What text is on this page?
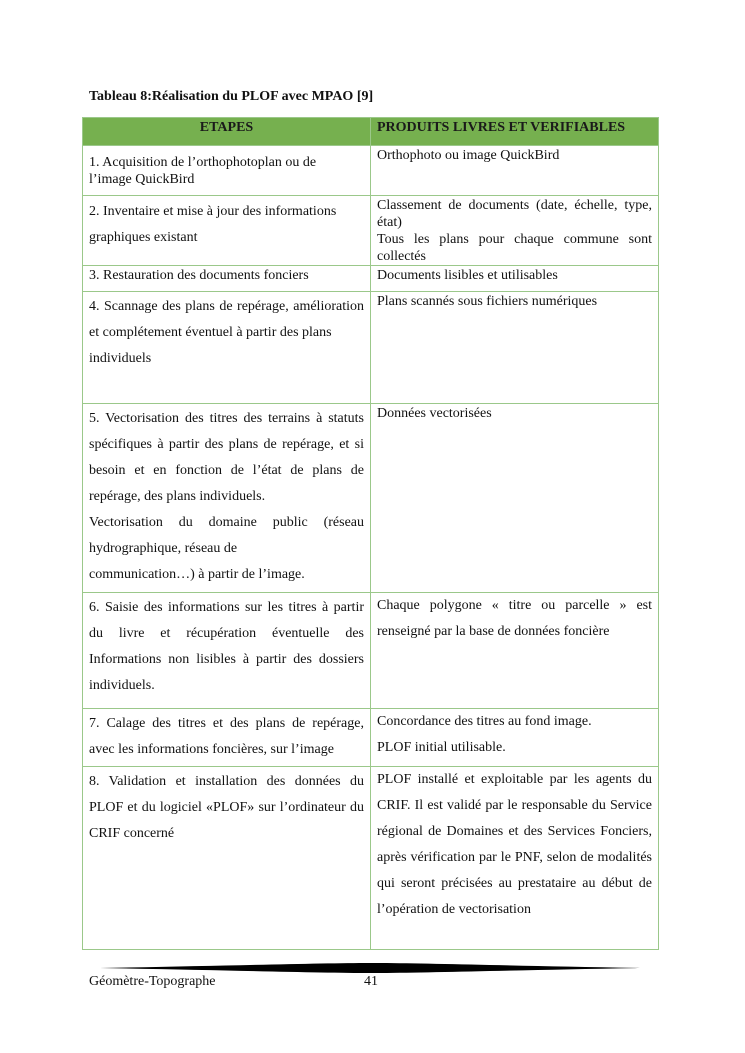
Tableau 8:Réalisation du PLOF avec MPAO [9]
ETAPES	PRODUITS LIVRES ET VERIFIABLES

1. Acquisition de l’orthophotoplan ou de
l’image QuickBird	Orthophoto ou image QuickBird

2. Inventaire et mise à jour des informations
graphiques existant	Classement de documents (date, échelle, type, état)
Tous les plans pour chaque commune sont collectés

3. Restauration des documents fonciers	Documents lisibles et utilisables

4. Scannage des plans de repérage, amélioration et complétement éventuel à partir des plans
individuels	Plans scannés sous fichiers numériques

5. Vectorisation des titres des terrains à statuts spécifiques à partir des plans de repérage, et si besoin et en fonction de l’état de plans de repérage, des plans individuels.
Vectorisation du domaine public (réseau hydrographique, réseau de
communication…) à partir de l’image.	Données vectorisées

6. Saisie des informations sur les titres à partir du livre et récupération éventuelle des Informations non lisibles à partir des dossiers individuels.	Chaque polygone « titre ou parcelle » est renseigné par la base de données foncière

7. Calage des titres et des plans de repérage, avec les informations foncières, sur l’image	Concordance des titres au fond image.
PLOF initial utilisable.

8. Validation et installation des données du PLOF et du logiciel «PLOF» sur l’ordinateur du CRIF concerné	PLOF installé et exploitable par les agents du CRIF. Il est validé par le responsable du Service régional de Domaines et des Services Fonciers, après vérification par le PNF, selon de modalités qui seront précisées au prestataire au début de l’opération de vectorisation
Géomètre-Topographe	41
